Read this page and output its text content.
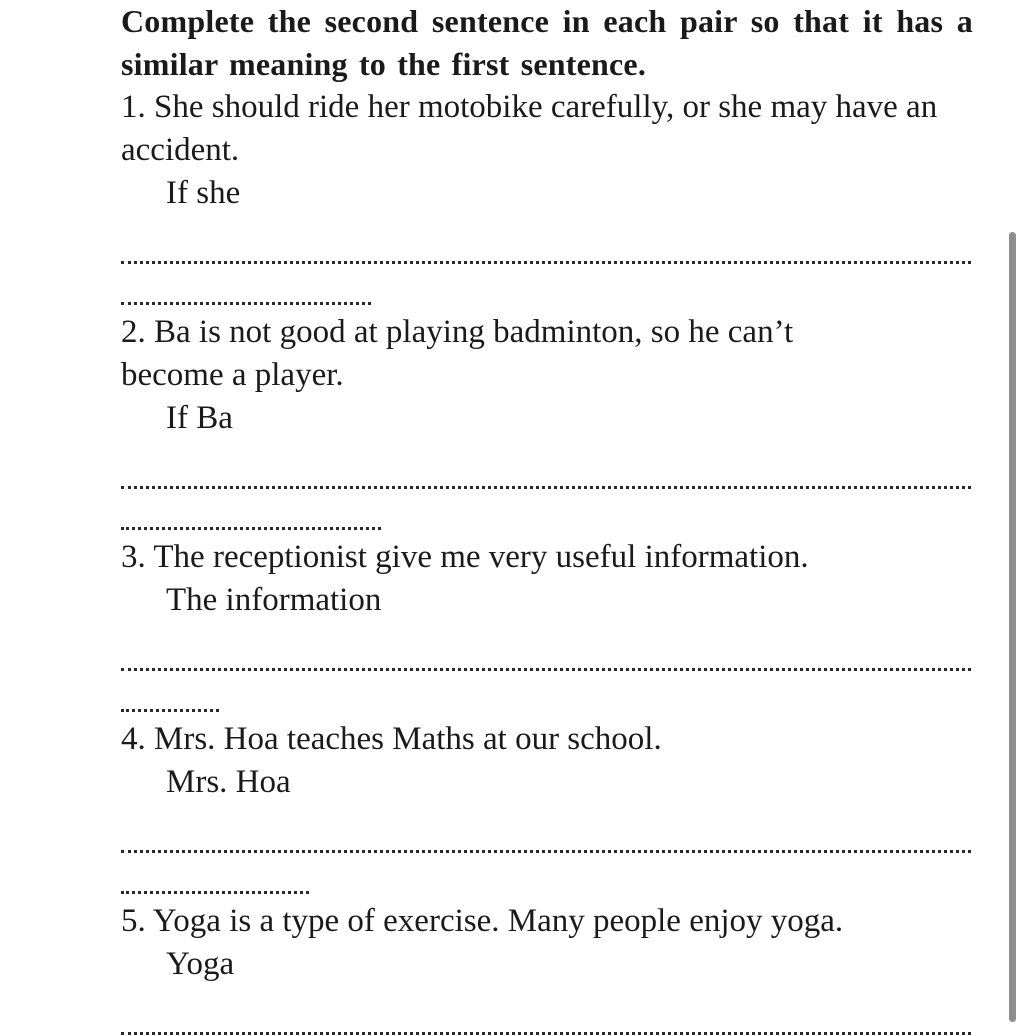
Complete the second sentence in each pair so that it has a similar meaning to the first sentence.

1. She should ride her motobike carefully, or she may have an accident.

If she

2. Ba is not good at playing badminton, so he can’t become a player.

If Ba

3. The receptionist give me very useful information.

The information

4. Mrs. Hoa teaches Maths at our school.

Mrs. Hoa

5. Yoga is a type of exercise. Many people enjoy yoga.

Yoga
